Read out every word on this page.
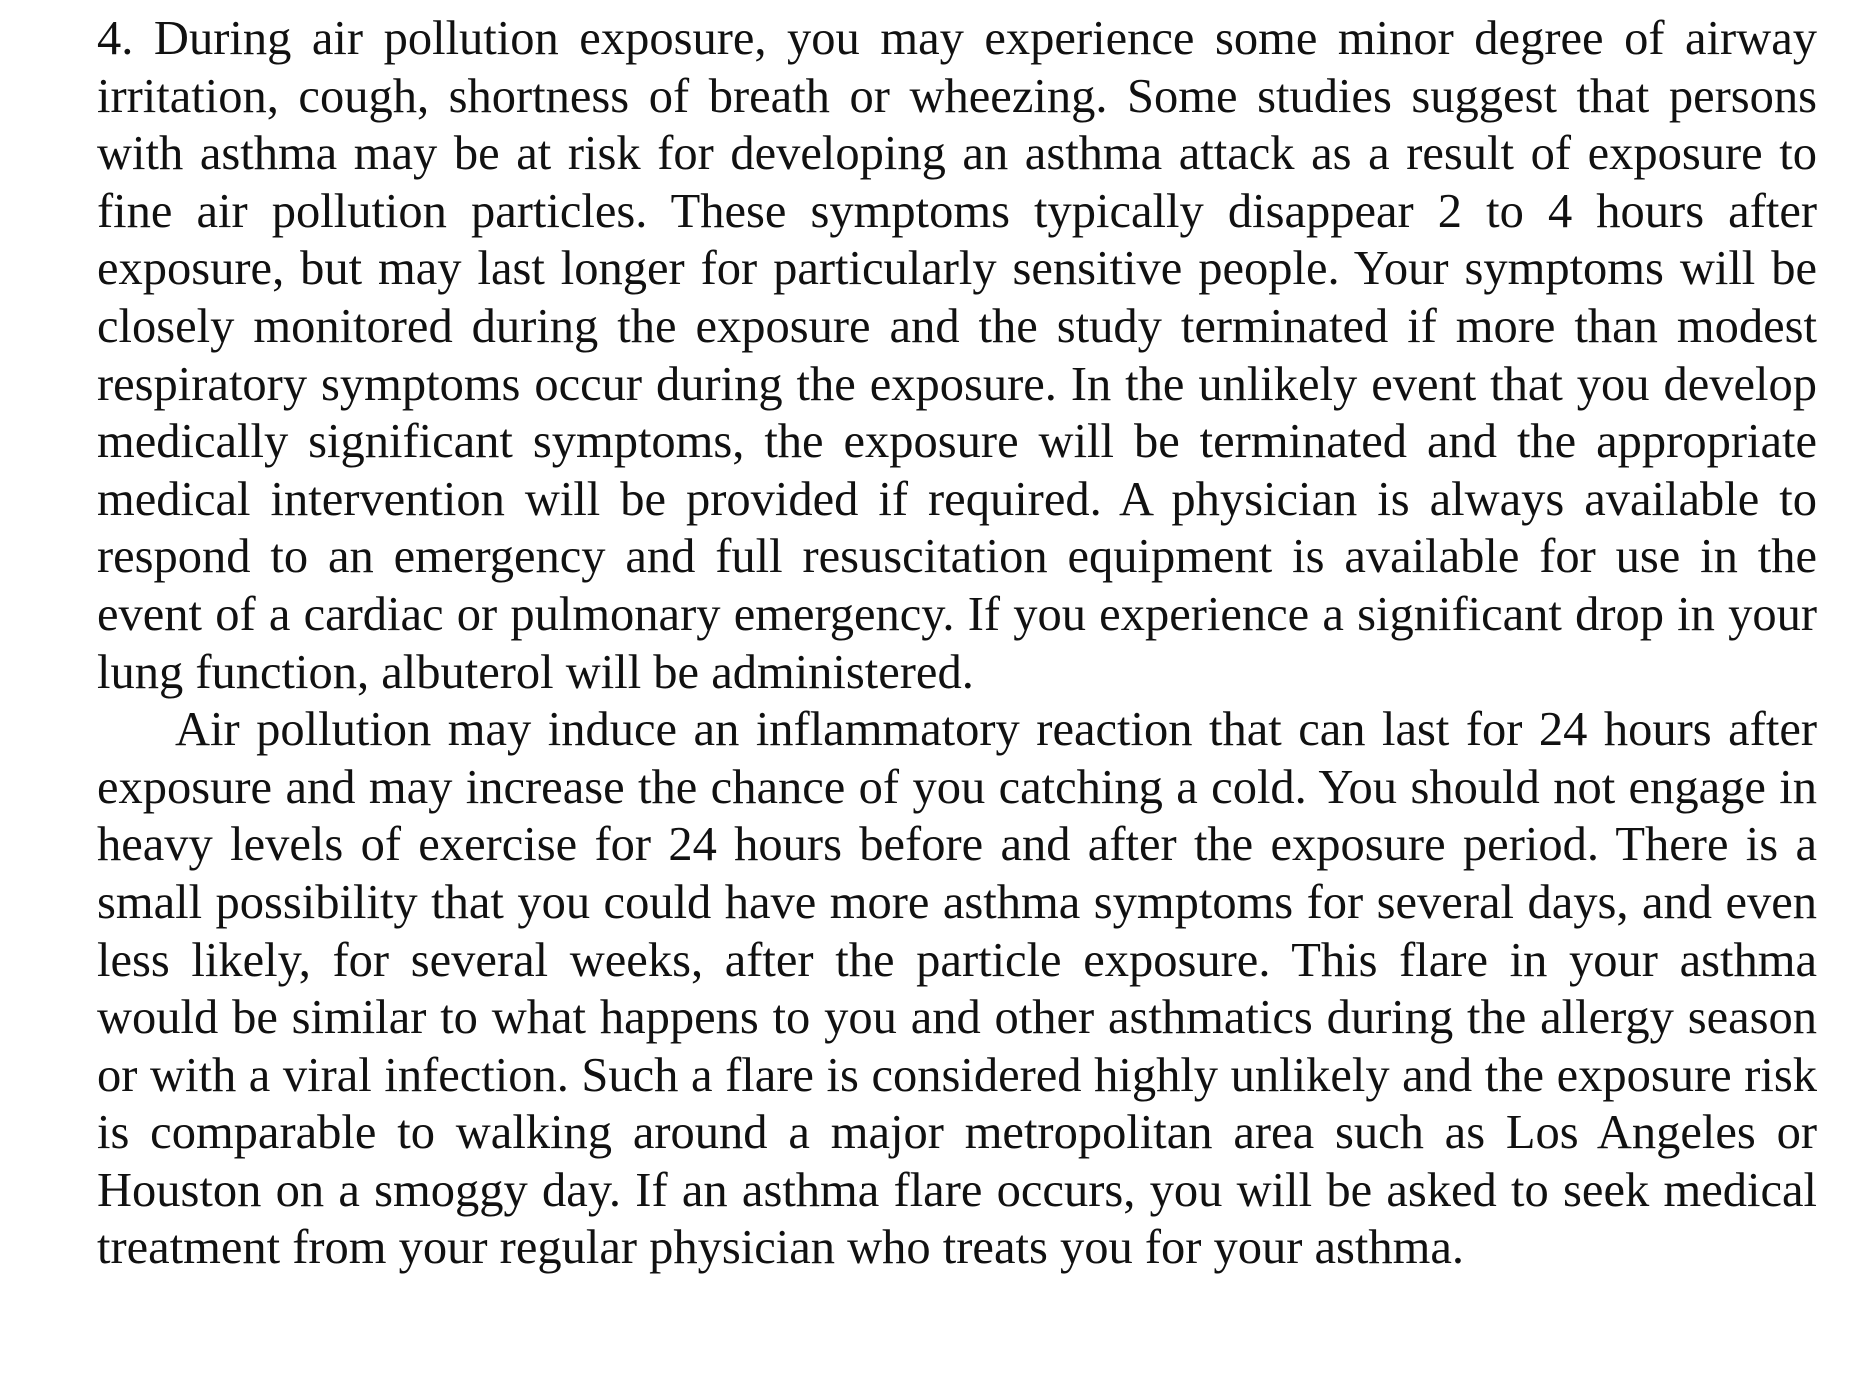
4. During air pollution exposure, you may experience some minor degree of airway irritation, cough, shortness of breath or wheezing. Some studies suggest that persons with asthma may be at risk for developing an asthma attack as a result of exposure to fine air pollution particles. These symptoms typically disappear 2 to 4 hours after exposure, but may last longer for particularly sensitive people. Your symptoms will be closely monitored during the exposure and the study terminated if more than modest respiratory symptoms occur during the exposure. In the unlikely event that you develop medically significant symptoms, the exposure will be terminated and the appropriate medical intervention will be provided if required. A physician is always available to respond to an emergency and full resuscitation equipment is available for use in the event of a cardiac or pulmonary emergency. If you experience a significant drop in your lung function, albuterol will be administered.

Air pollution may induce an inflammatory reaction that can last for 24 hours after exposure and may increase the chance of you catching a cold. You should not engage in heavy levels of exercise for 24 hours before and after the exposure period. There is a small possibility that you could have more asthma symptoms for several days, and even less likely, for several weeks, after the particle exposure. This flare in your asthma would be similar to what happens to you and other asthmatics during the allergy season or with a viral infection. Such a flare is considered highly unlikely and the exposure risk is comparable to walking around a major metropolitan area such as Los Angeles or Houston on a smoggy day. If an asthma flare occurs, you will be asked to seek medical treatment from your regular physician who treats you for your asthma.
